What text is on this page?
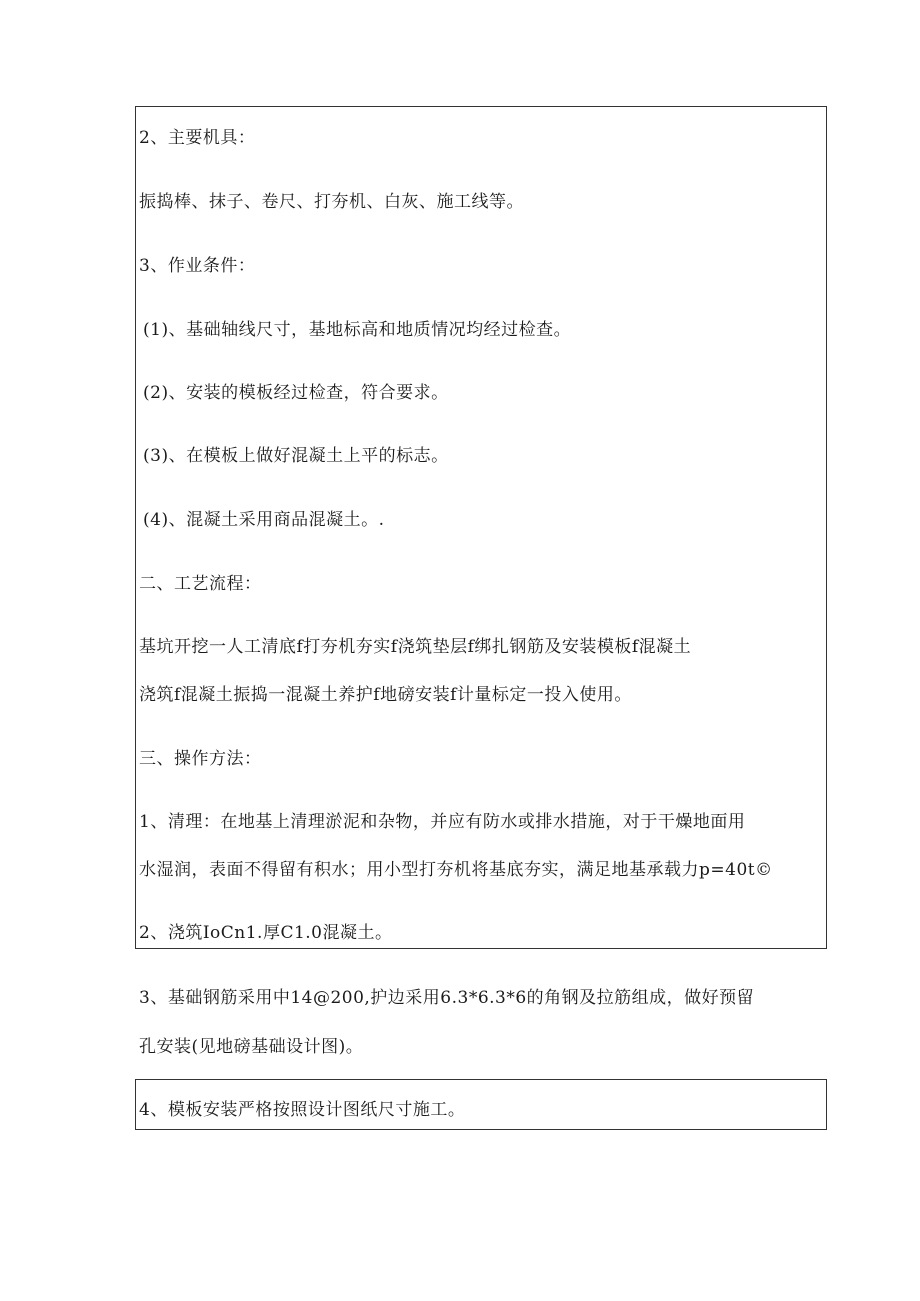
2、主要机具：
振捣棒、抹子、卷尺、打夯机、白灰、施工线等。
3、作业条件：
(1)、基础轴线尺寸，基地标高和地质情况均经过检查。
(2)、安装的模板经过检查，符合要求。
(3)、在模板上做好混凝土上平的标志。
(4)、混凝土采用商品混凝土。.
二、工艺流程：
基坑开挖一人工清底f打夯机夯实f浇筑垫层f绑扎钢筋及安装模板f混凝土
浇筑f混凝土振捣一混凝土养护f地磅安装f计量标定一投入使用。
三、操作方法：
1、清理：在地基上清理淤泥和杂物，并应有防水或排水措施，对于干燥地面用
水湿润，表面不得留有积水；用小型打夯机将基底夯实，满足地基承载力p=40t©
2、浇筑IoCn1.厚C1.0混凝土。
3、基础钢筋采用中14@200,护边采用6.3*6.3*6的角钢及拉筋组成，做好预留
孔安装(见地磅基础设计图)。
4、模板安装严格按照设计图纸尺寸施工。
